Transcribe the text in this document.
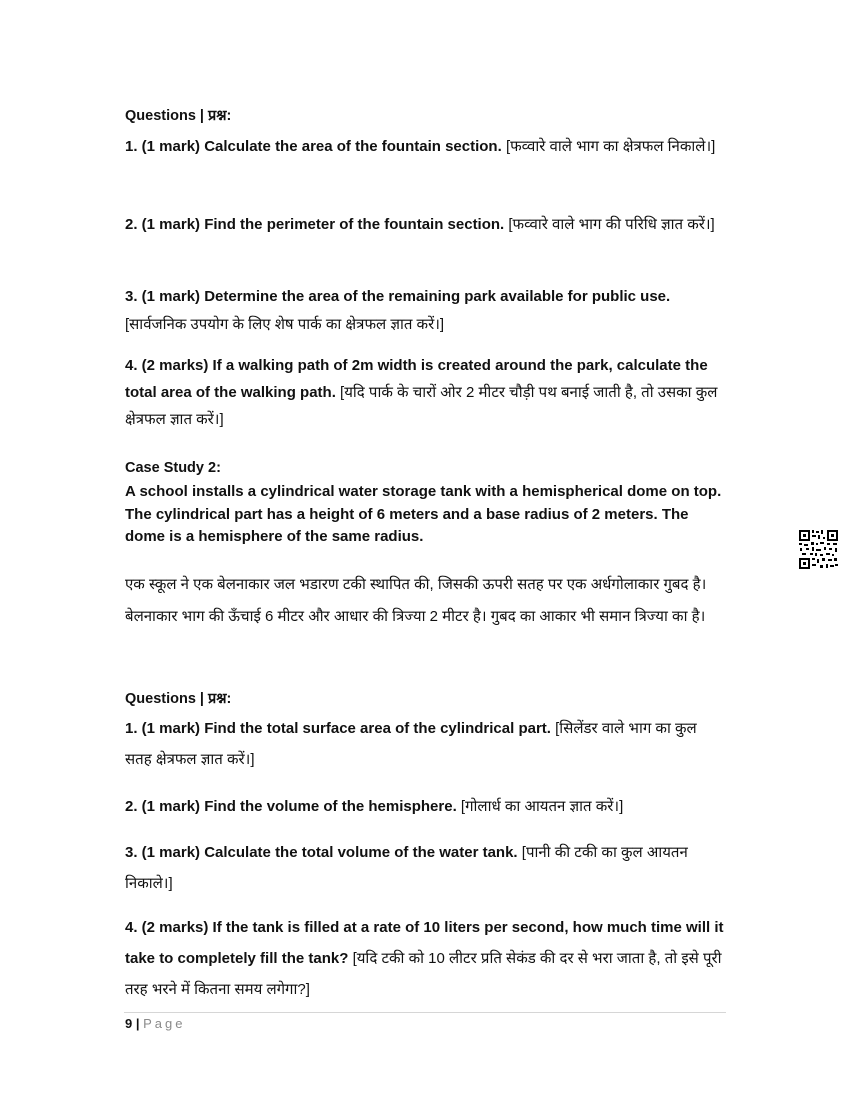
Questions | प्रश्न:
1. (1 mark) Calculate the area of the fountain section. [फव्वारे वाले भाग का क्षेत्रफल निकाले।]
2. (1 mark) Find the perimeter of the fountain section. [फव्वारे वाले भाग की परिधि ज्ञात करें।]
3. (1 mark) Determine the area of the remaining park available for public use. [सार्वजनिक उपयोग के लिए शेष पार्क का क्षेत्रफल ज्ञात करें।]
4. (2 marks) If a walking path of 2m width is created around the park, calculate the total area of the walking path. [यदि पार्क के चारों ओर 2 मीटर चौड़ी पथ बनाई जाती है, तो उसका कुल क्षेत्रफल ज्ञात करें।]
Case Study 2:
A school installs a cylindrical water storage tank with a hemispherical dome on top. The cylindrical part has a height of 6 meters and a base radius of 2 meters. The dome is a hemisphere of the same radius.
एक स्कूल ने एक बेलनाकार जल भडारण टकी स्थापित की, जिसकी ऊपरी सतह पर एक अर्धगोलाकार गुबद है। बेलनाकार भाग की ऊँचाई 6 मीटर और आधार की त्रिज्या 2 मीटर है। गुबद का आकार भी समान त्रिज्या का है।
Questions | प्रश्न:
1. (1 mark) Find the total surface area of the cylindrical part. [सिलेंडर वाले भाग का कुल सतह क्षेत्रफल ज्ञात करें।]
2. (1 mark) Find the volume of the hemisphere. [गोलार्ध का आयतन ज्ञात करें।]
3. (1 mark) Calculate the total volume of the water tank. [पानी की टकी का कुल आयतन निकाले।]
4. (2 marks) If the tank is filled at a rate of 10 liters per second, how much time will it take to completely fill the tank? [यदि टकी को 10 लीटर प्रति सेकंड की दर से भरा जाता है, तो इसे पूरी तरह भरने में कितना समय लगेगा?]
9 | Page
